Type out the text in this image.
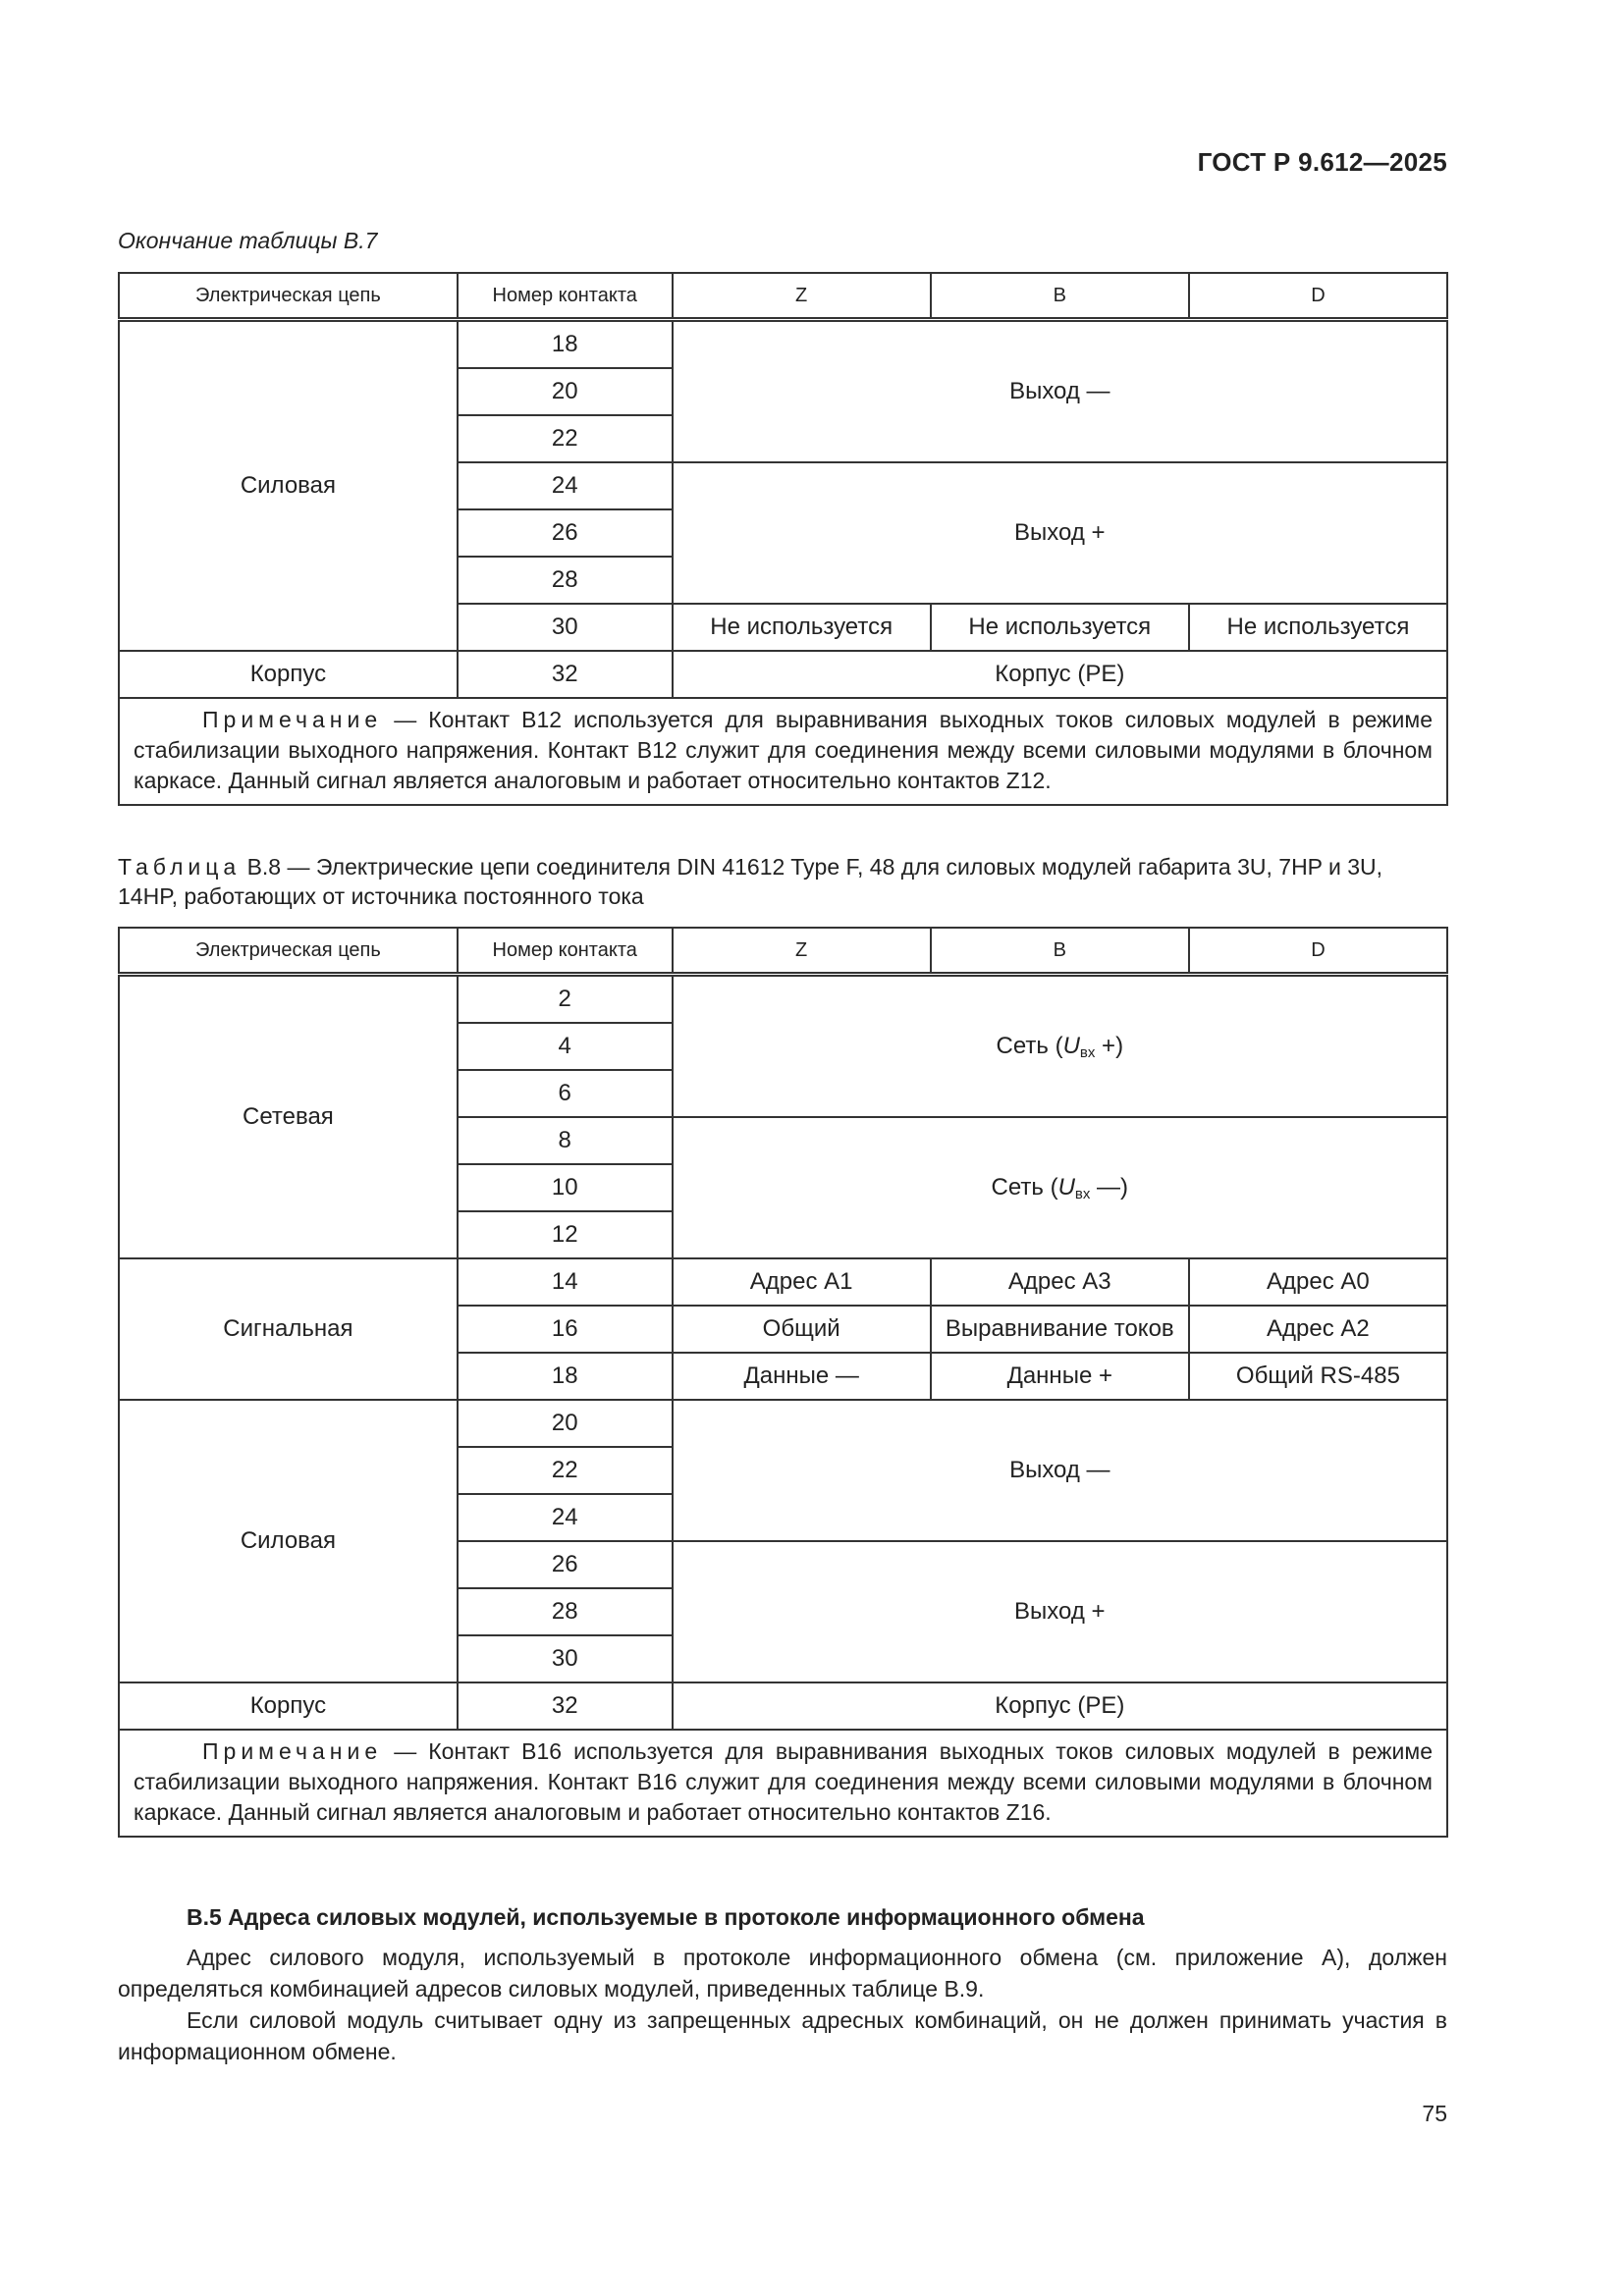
ГОСТ Р 9.612—2025
Окончание таблицы В.7
Электрическая цепь	Номер контакта	Z	B	D
Силовая	18	Выход —		
	20			
	22			
	24	Выход +		
	26			
	28			
	30	Не используется	Не используется	Не используется
Корпус	32	Корпус (PE)		
Примечание — Контакт B12 используется для выравнивания выходных токов силовых модулей в режиме стабилизации выходного напряжения. Контакт B12 служит для соединения между всеми силовыми модулями в блочном каркасе. Данный сигнал является аналоговым и работает относительно контактов Z12.				
Таблица В.8 — Электрические цепи соединителя DIN 41612 Type F, 48 для силовых модулей габарита 3U, 7HP и 3U, 14HP, работающих от источника постоянного тока
Электрическая цепь	Номер контакта	Z	B	D
Сетевая	2	Сеть ($U_{вх}$ +)		
	4			
	6			
	8	Сеть ($U_{вх}$ —)		
	10			
	12			
Сигнальная	14	Адрес А1	Адрес А3	Адрес А0
	16	Общий	Выравнивание токов	Адрес А2
	18	Данные —	Данные +	Общий RS-485
Силовая	20	Выход —		
	22			
	24			
	26	Выход +		
	28			
	30			
Корпус	32	Корпус (PE)		
Примечание — Контакт B16 используется для выравнивания выходных токов силовых модулей в режиме стабилизации выходного напряжения. Контакт B16 служит для соединения между всеми силовыми модулями в блочном каркасе. Данный сигнал является аналоговым и работает относительно контактов Z16.				
В.5 Адреса силовых модулей, используемые в протоколе информационного обмена
Адрес силового модуля, используемый в протоколе информационного обмена (см. приложение А), должен определяться комбинацией адресов силовых модулей, приведенных таблице В.9.
Если силовой модуль считывает одну из запрещенных адресных комбинаций, он не должен принимать участия в информационном обмене.
75
